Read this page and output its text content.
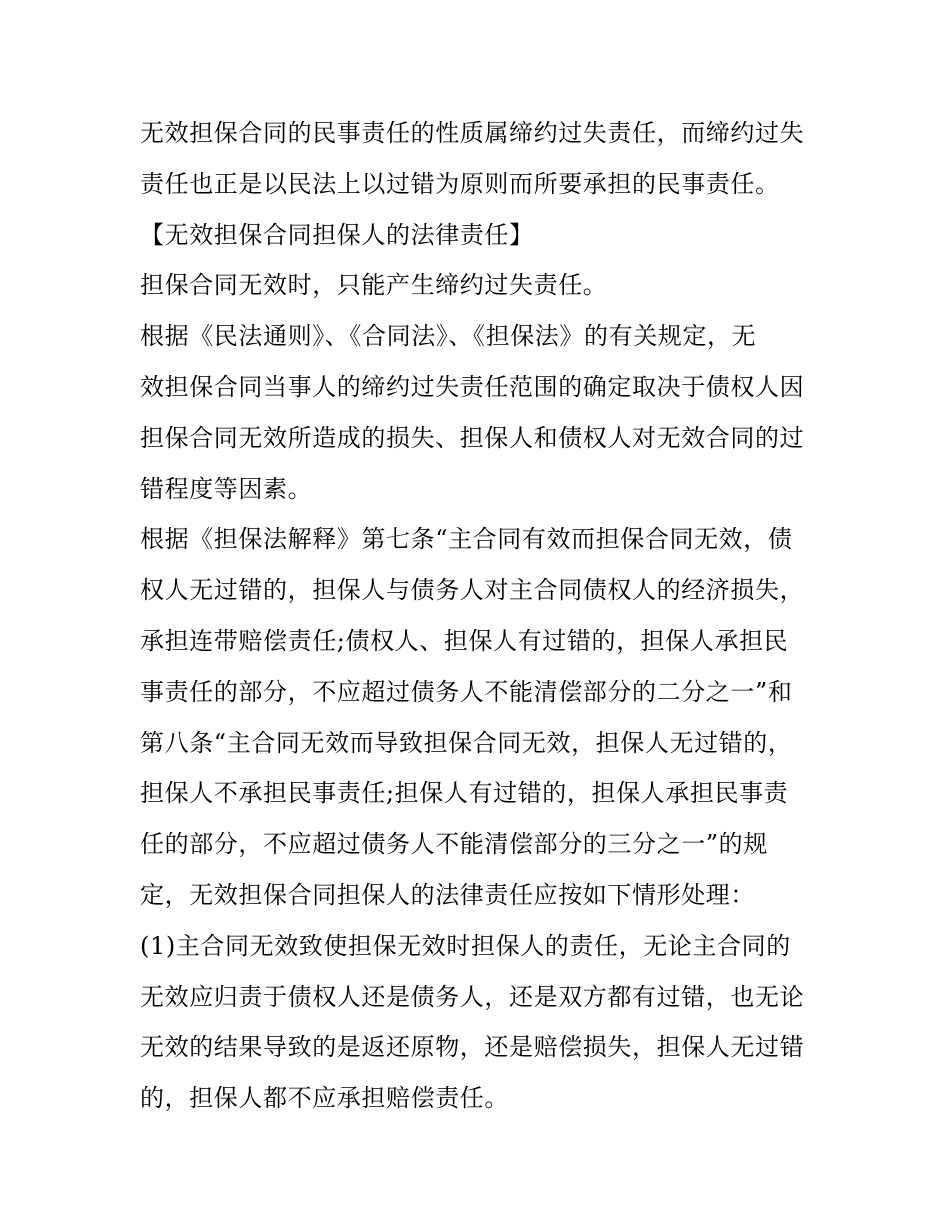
无效担保合同的民事责任的性质属缔约过失责任，而缔约过失
责任也正是以民法上以过错为原则而所要承担的民事责任。
【无效担保合同担保人的法律责任】
担保合同无效时，只能产生缔约过失责任。
根据《民法通则》、《合同法》、《担保法》的有关规定，无
效担保合同当事人的缔约过失责任范围的确定取决于债权人因
担保合同无效所造成的损失、担保人和债权人对无效合同的过
错程度等因素。
根据《担保法解释》第七条“主合同有效而担保合同无效，债
权人无过错的，担保人与债务人对主合同债权人的经济损失，
承担连带赔偿责任;债权人、担保人有过错的，担保人承担民
事责任的部分，不应超过债务人不能清偿部分的二分之一”和
第八条“主合同无效而导致担保合同无效，担保人无过错的，
担保人不承担民事责任;担保人有过错的，担保人承担民事责
任的部分，不应超过债务人不能清偿部分的三分之一”的规
定，无效担保合同担保人的法律责任应按如下情形处理：
(1)主合同无效致使担保无效时担保人的责任，无论主合同的
无效应归责于债权人还是债务人，还是双方都有过错，也无论
无效的结果导致的是返还原物，还是赔偿损失，担保人无过错
的，担保人都不应承担赔偿责任。
